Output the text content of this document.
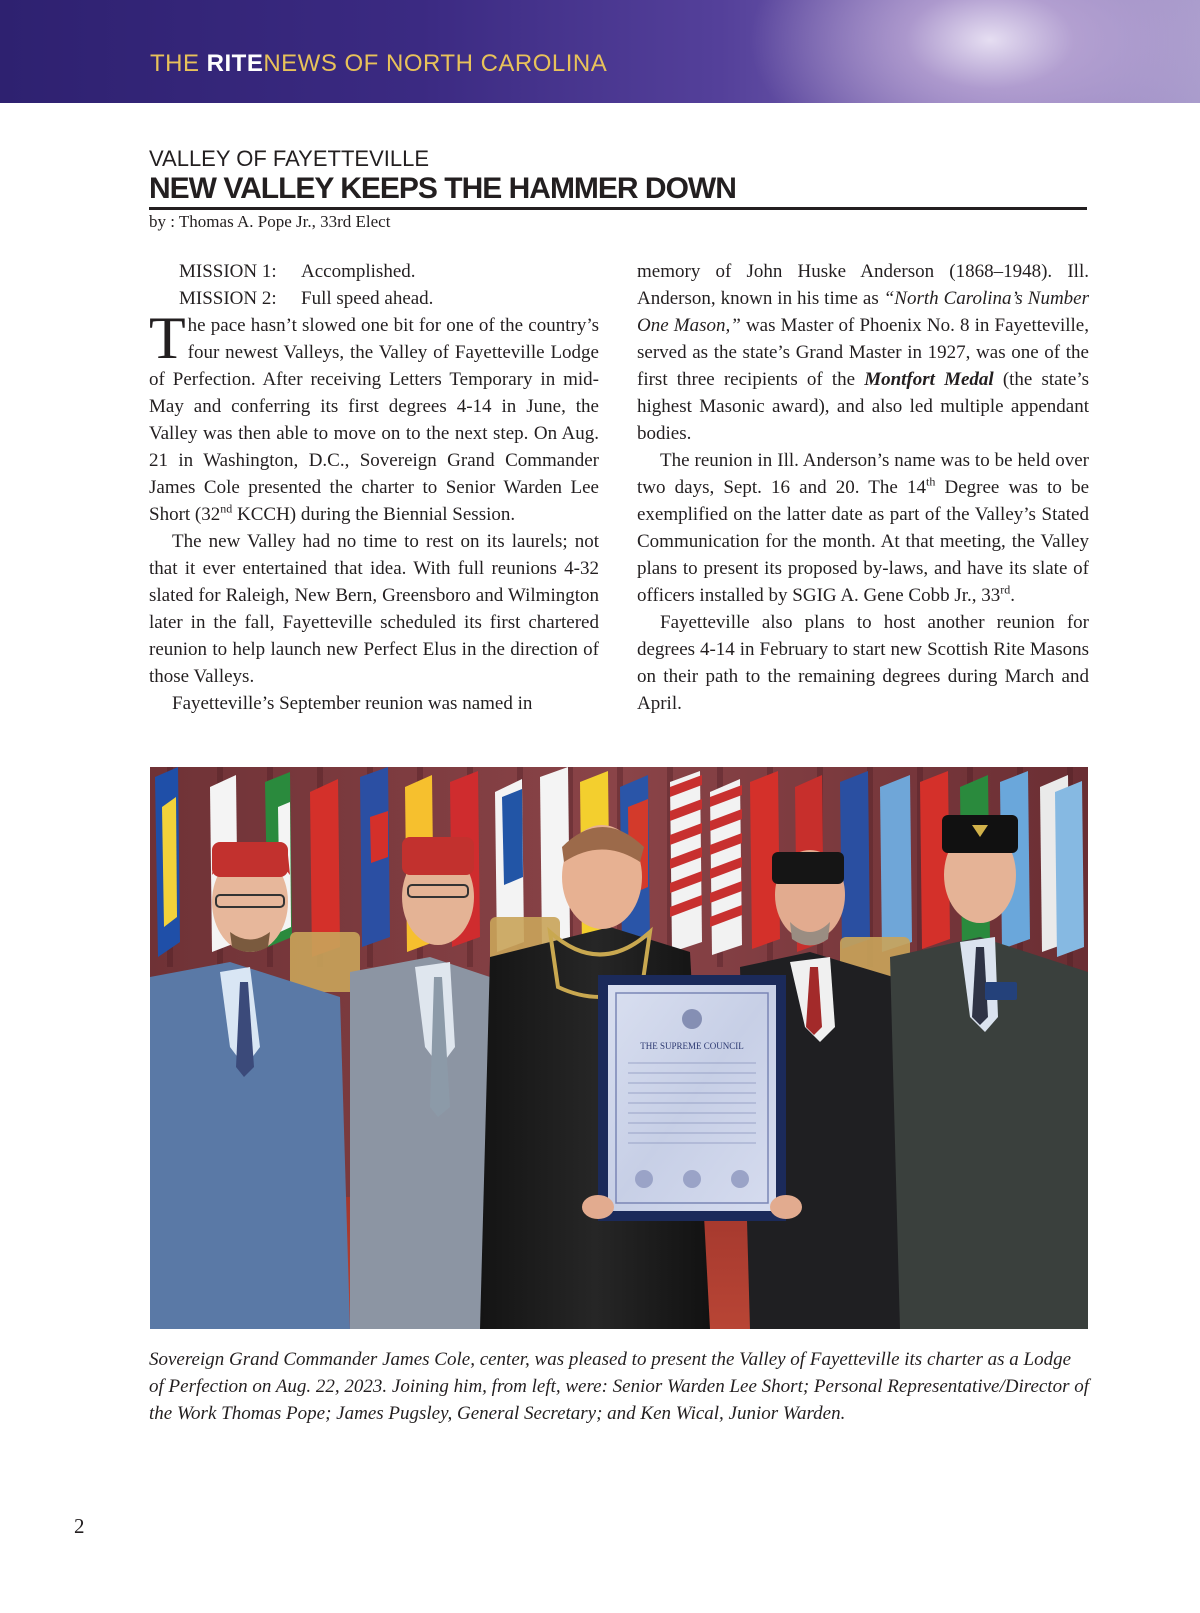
THE RITENEWS OF NORTH CAROLINA
VALLEY OF FAYETTEVILLE
NEW VALLEY KEEPS THE HAMMER DOWN
by : Thomas A. Pope Jr., 33rd Elect
MISSION 1: Accomplished.
MISSION 2: Full speed ahead.

The pace hasn’t slowed one bit for one of the country’s four newest Valleys, the Valley of Fayetteville Lodge of Perfection. After receiving Letters Temporary in mid-May and conferring its first degrees 4-14 in June, the Valley was then able to move on to the next step. On Aug. 21 in Washington, D.C., Sovereign Grand Commander James Cole presented the charter to Senior Warden Lee Short (32nd KCCH) during the Biennial Session.

The new Valley had no time to rest on its laurels; not that it ever entertained that idea. With full reunions 4-32 slated for Raleigh, New Bern, Greensboro and Wilmington later in the fall, Fayetteville scheduled its first chartered reunion to help launch new Perfect Elus in the direction of those Valleys.

Fayetteville’s September reunion was named in

memory of John Huske Anderson (1868–1948). Ill. Anderson, known in his time as “North Carolina’s Number One Mason,” was Master of Phoenix No. 8 in Fayetteville, served as the state’s Grand Master in 1927, was one of the first three recipients of the Montfort Medal (the state’s highest Masonic award), and also led multiple appendant bodies.

The reunion in Ill. Anderson’s name was to be held over two days, Sept. 16 and 20. The 14th Degree was to be exemplified on the latter date as part of the Valley’s Stated Communication for the month. At that meeting, the Valley plans to present its proposed by-laws, and have its slate of officers installed by SGIG A. Gene Cobb Jr., 33rd.

Fayetteville also plans to host another reunion for degrees 4-14 in February to start new Scottish Rite Masons on their path to the remaining degrees during March and April.

THE SUPREME COUNCIL
Sovereign Grand Commander James Cole, center, was pleased to present the Valley of Fayetteville its charter as a Lodge of Perfection on Aug. 22, 2023. Joining him, from left, were: Senior Warden Lee Short; Personal Representative/Director of the Work Thomas Pope; James Pugsley, General Secretary; and Ken Wical, Junior Warden.
2
